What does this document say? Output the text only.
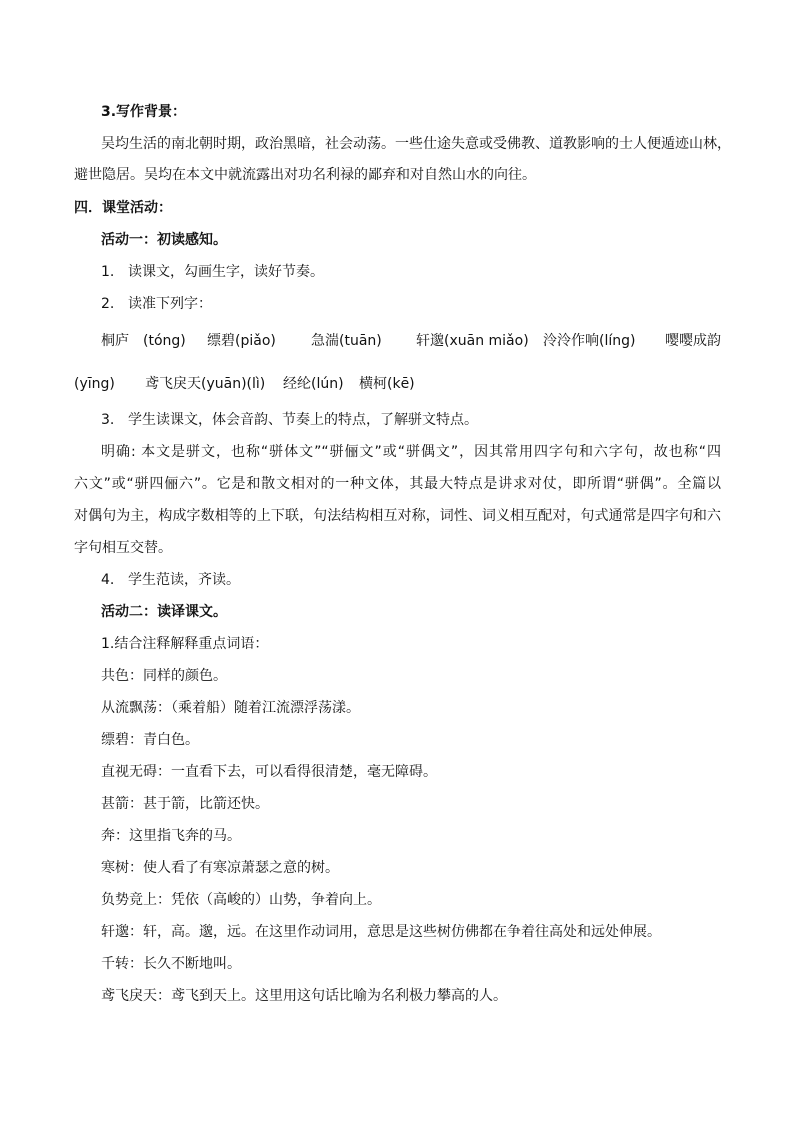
3.写作背景：
吴均生活的南北朝时期，政治黑暗，社会动荡。一些仕途失意或受佛教、道教影响的士人便遁迹山林，
避世隐居。吴均在本文中就流露出对功名利禄的鄙弃和对自然山水的向往。
四．课堂活动：
活动一：初读感知。
1. 读课文，勾画生字，读好节奏。
2. 读准下列字：
桐庐　(tóng) 缥碧(piǎo)	急湍(tuān) 轩邈(xuān miǎo) 泠泠作响(líng) 嘤嘤成韵
(yīng) 鸢飞戾天(yuān)(lì) 经纶(lún) 横柯(kē)
3. 学生读课文，体会音韵、节奏上的特点，了解骈文特点。
明确: 本文是骈文，也称“骈体文”“骈俪文”或“骈偶文”，因其常用四字句和六字句，故也称“四
六文”或“骈四俪六”。它是和散文相对的一种文体，其最大特点是讲求对仗，即所谓“骈偶”。全篇以
对偶句为主，构成字数相等的上下联，句法结构相互对称，词性、词义相互配对，句式通常是四字句和六
字句相互交替。
4. 学生范读，齐读。
活动二：读译课文。
1.结合注释解释重点词语：
共色：同样的颜色。
从流飘荡：（乘着船）随着江流漂浮荡漾。
缥碧：青白色。
直视无碍：一直看下去，可以看得很清楚，毫无障碍。
甚箭：甚于箭，比箭还快。
奔：这里指飞奔的马。
寒树：使人看了有寒凉萧瑟之意的树。
负势竞上：凭依（高峻的）山势，争着向上。
轩邈：轩，高。邈，远。在这里作动词用，意思是这些树仿佛都在争着往高处和远处伸展。
千转：长久不断地叫。
鸢飞戾天：鸢飞到天上。这里用这句话比喻为名利极力攀高的人。
